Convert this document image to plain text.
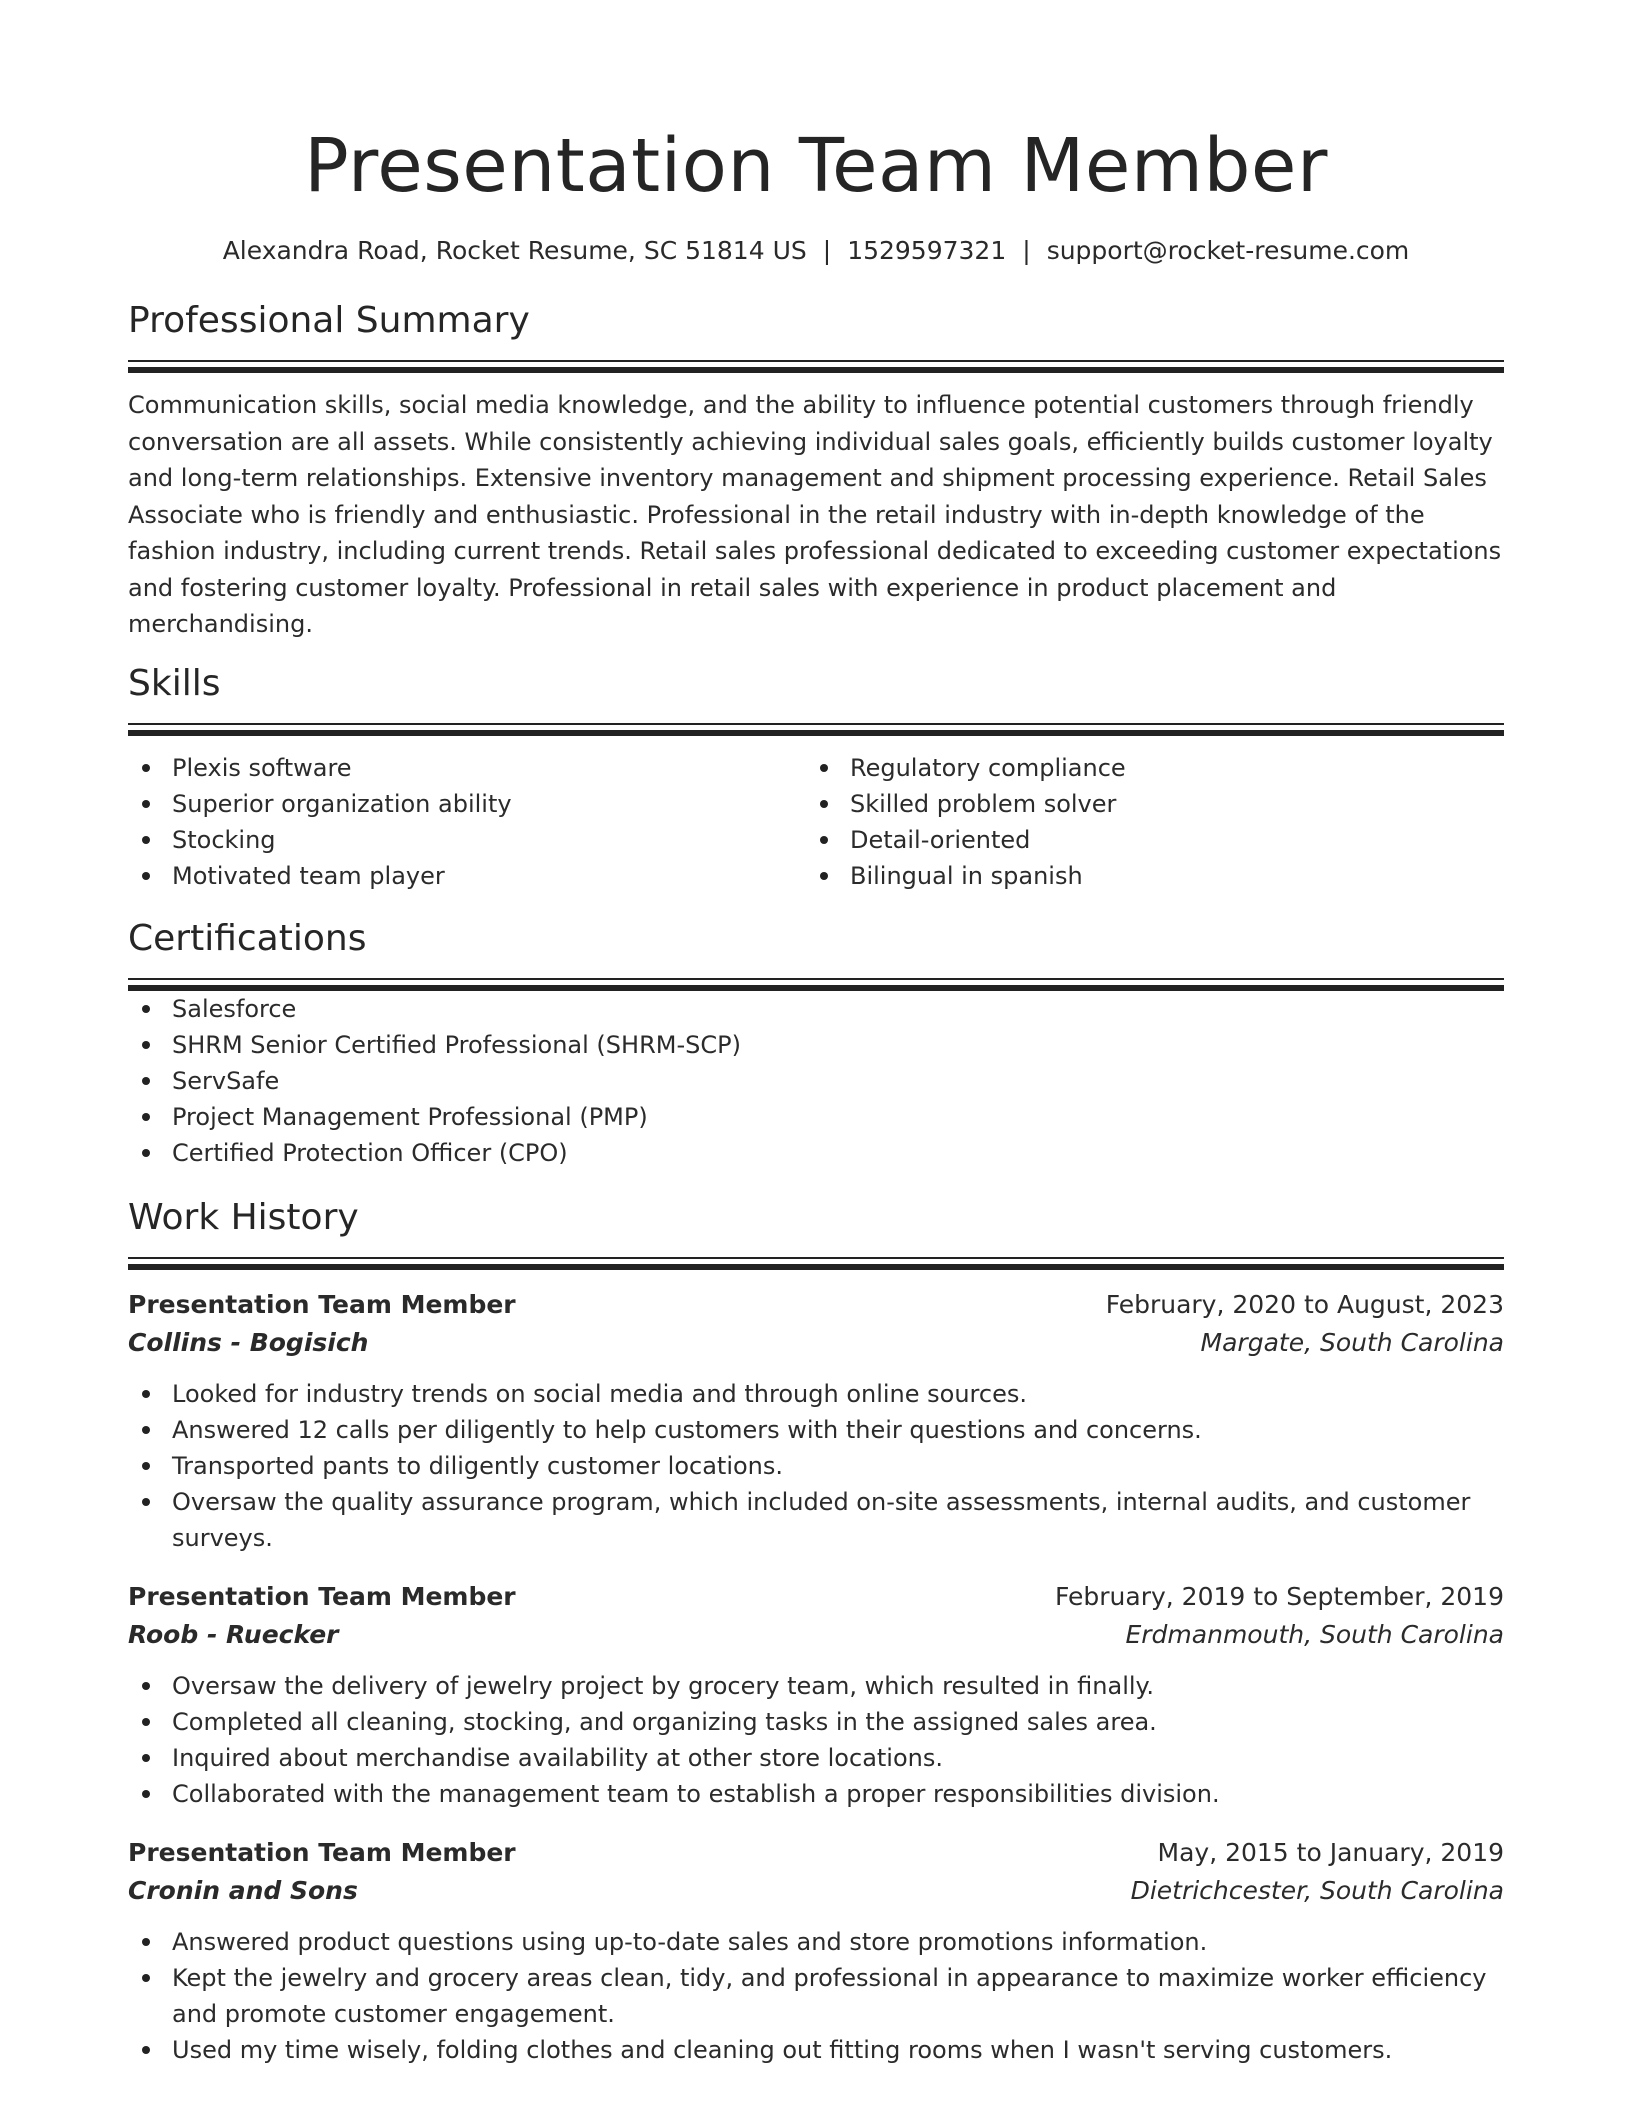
Presentation Team Member
Alexandra Road, Rocket Resume, SC 51814 US | 1529597321 | support@rocket-resume.com
Professional Summary

Communication skills, social media knowledge, and the ability to influence potential customers through friendly conversation are all assets. While consistently achieving individual sales goals, efficiently builds customer loyalty and long-term relationships. Extensive inventory management and shipment processing experience. Retail Sales Associate who is friendly and enthusiastic. Professional in the retail industry with in-depth knowledge of the fashion industry, including current trends. Retail sales professional dedicated to exceeding customer expectations and fostering customer loyalty. Professional in retail sales with experience in product placement and merchandising.

Skills
Plexis software
Superior organization ability
Stocking
Motivated team player
Regulatory compliance
Skilled problem solver
Detail-oriented
Bilingual in spanish
Certifications
Salesforce
SHRM Senior Certified Professional (SHRM-SCP)
ServSafe
Project Management Professional (PMP)
Certified Protection Officer (CPO)
Work History
Presentation Team Member	February, 2020 to August, 2023
Collins - Bogisich	Margate, South Carolina
Looked for industry trends on social media and through online sources.
Answered 12 calls per diligently to help customers with their questions and concerns.
Transported pants to diligently customer locations.
Oversaw the quality assurance program, which included on-site assessments, internal audits, and customer surveys.
Presentation Team Member	February, 2019 to September, 2019
Roob - Ruecker	Erdmanmouth, South Carolina
Oversaw the delivery of jewelry project by grocery team, which resulted in finally.
Completed all cleaning, stocking, and organizing tasks in the assigned sales area.
Inquired about merchandise availability at other store locations.
Collaborated with the management team to establish a proper responsibilities division.
Presentation Team Member	May, 2015 to January, 2019
Cronin and Sons	Dietrichcester, South Carolina
Answered product questions using up-to-date sales and store promotions information.
Kept the jewelry and grocery areas clean, tidy, and professional in appearance to maximize worker efficiency and promote customer engagement.
Used my time wisely, folding clothes and cleaning out fitting rooms when I wasn't serving customers.
